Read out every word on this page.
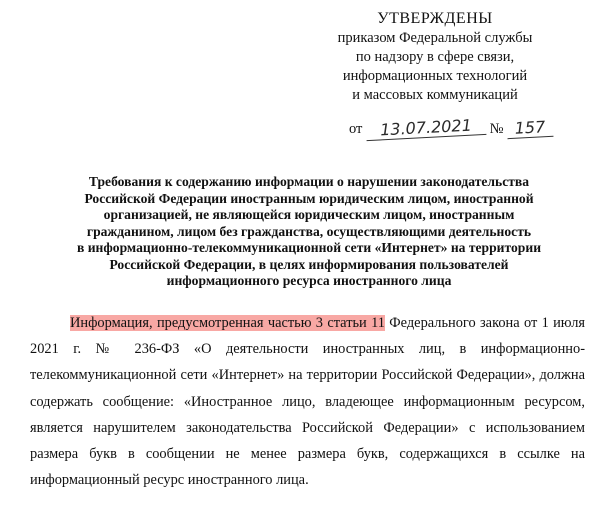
УТВЕРЖДЕНЫ
приказом Федеральной службы
по надзору в сфере связи,
информационных технологий
и массовых коммуникаций
от 13.07.2021 № 157
Требования к содержанию информации о нарушении законодательства
Российской Федерации иностранным юридическим лицом, иностранной
организацией, не являющейся юридическим лицом, иностранным
гражданином, лицом без гражданства, осуществляющими деятельность
в информационно-телекоммуникационной сети «Интернет» на территории
Российской Федерации, в целях информирования пользователей
информационного ресурса иностранного лица
Информация, предусмотренная частью 3 статьи 11 Федерального закона от 1 июля 2021 г. № 236-ФЗ «О деятельности иностранных лиц, в информационно-телекоммуникационной сети «Интернет» на территории Российской Федерации», должна содержать сообщение: «Иностранное лицо, владеющее информационным ресурсом, является нарушителем законодательства Российской Федерации» с использованием размера букв в сообщении не менее размера букв, содержащихся в ссылке на информационный ресурс иностранного лица.
